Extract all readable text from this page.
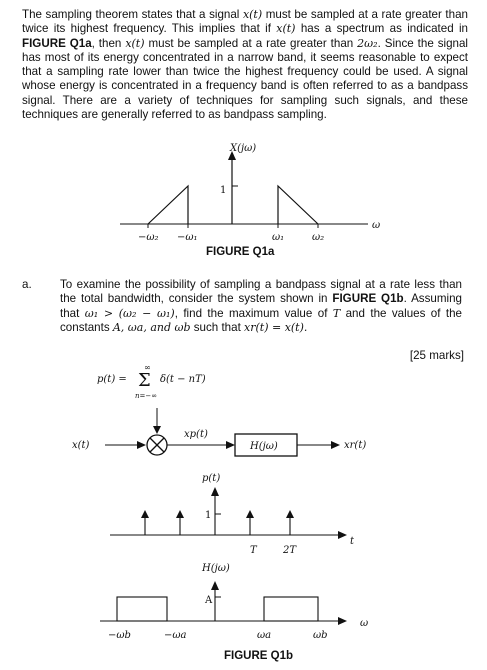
The sampling theorem states that a signal x(t) must be sampled at a rate greater than twice its highest frequency. This implies that if x(t) has a spectrum as indicated in FIGURE Q1a, then x(t) must be sampled at a rate greater than 2ω₂. Since the signal has most of its energy concentrated in a narrow band, it seems reasonable to expect that a sampling rate lower than twice the highest frequency could be used. A signal whose energy is concentrated in a frequency band is often referred to as a bandpass signal. There are a variety of techniques for sampling such signals, and these techniques are generally referred to as bandpass sampling.

X(jω)
1
ω
−ω₂ −ω₁	ω₁	ω₂
FIGURE Q1a
a. To examine the possibility of sampling a bandpass signal at a rate less than the total bandwidth, consider the system shown in FIGURE Q1b. Assuming that ω₁ > (ω₂ − ω₁), find the maximum value of T and the values of the constants A, ωa, and ωb such that xr(t) = x(t).

[25 marks]
p(t) =
∞
Σ
n=−∞
δ(t − nT)
x(t)
xp(t)
H(jω)	xr(t)
p(t)
t
1
T	2T
H(jω)
ω
A
−ωb	−ωa	ωa	ωb
FIGURE Q1b
